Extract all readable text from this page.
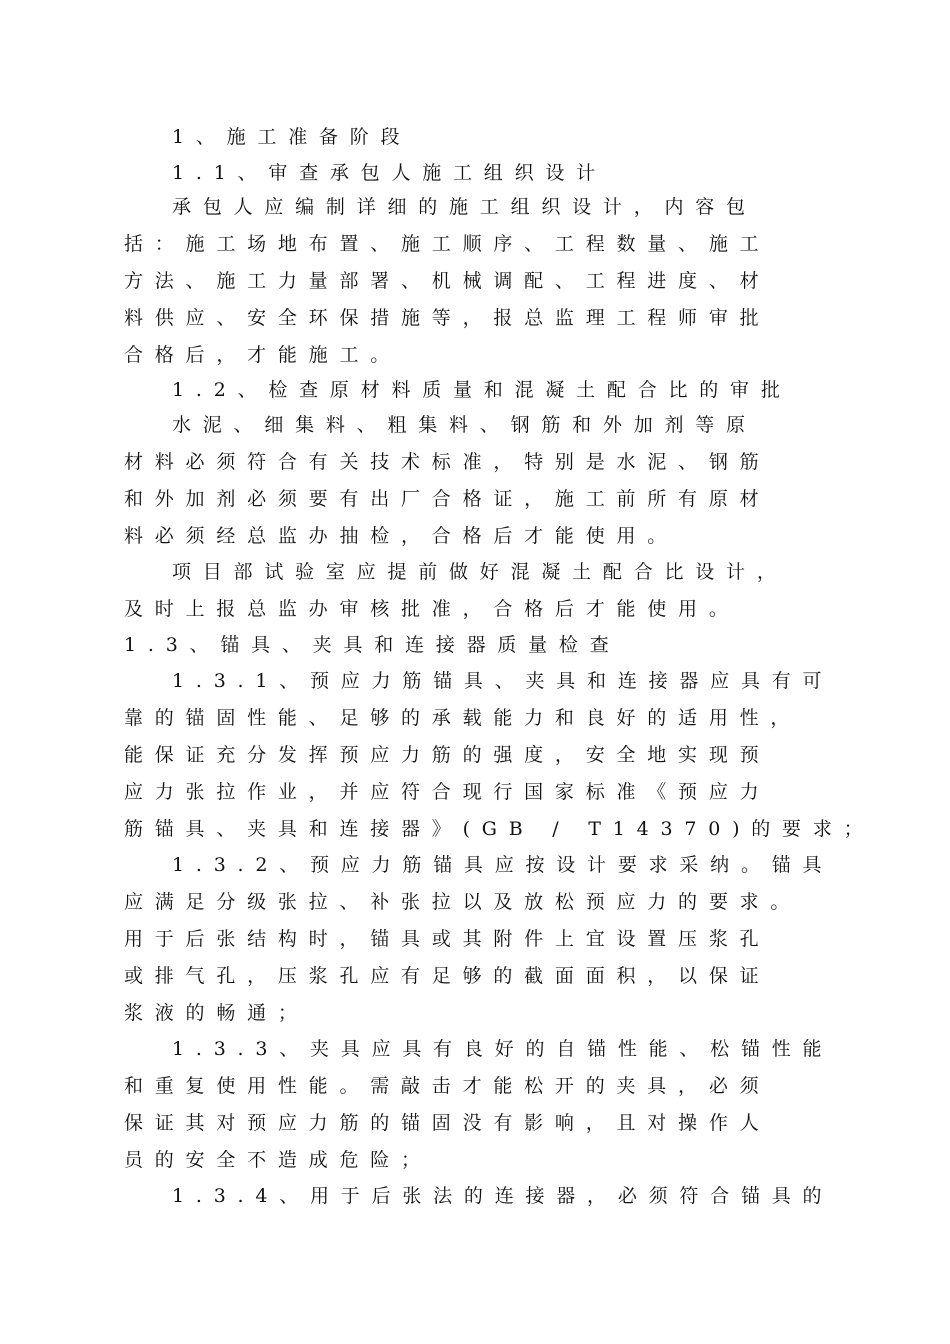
1、施工准备阶段
1.1、审查承包人施工组织设计
承包人应编制详细的施工组织设计，内容包
括：施工场地布置、施工顺序、工程数量、施工
方法、施工力量部署、机械调配、工程进度、材
料供应、安全环保措施等，报总监理工程师审批
合格后，才能施工。
1.2、检查原材料质量和混凝土配合比的审批
水泥、细集料、粗集料、钢筋和外加剂等原
材料必须符合有关技术标准，特别是水泥、钢筋
和外加剂必须要有出厂合格证，施工前所有原材
料必须经总监办抽检，合格后才能使用。
项目部试验室应提前做好混凝土配合比设计，
及时上报总监办审核批准，合格后才能使用。
1.3、锚具、夹具和连接器质量检查
1.3.1、预应力筋锚具、夹具和连接器应具有可
靠的锚固性能、足够的承载能力和良好的适用性，
能保证充分发挥预应力筋的强度，安全地实现预
应力张拉作业，并应符合现行国家标准《预应力
筋锚具、夹具和连接器》(GB / T14370)的要求；
1.3.2、预应力筋锚具应按设计要求采纳。锚具
应满足分级张拉、补张拉以及放松预应力的要求。
用于后张结构时，锚具或其附件上宜设置压浆孔
或排气孔，压浆孔应有足够的截面面积，以保证
浆液的畅通；
1.3.3、夹具应具有良好的自锚性能、松锚性能
和重复使用性能。需敲击才能松开的夹具，必须
保证其对预应力筋的锚固没有影响，且对操作人
员的安全不造成危险；
1.3.4、用于后张法的连接器，必须符合锚具的
